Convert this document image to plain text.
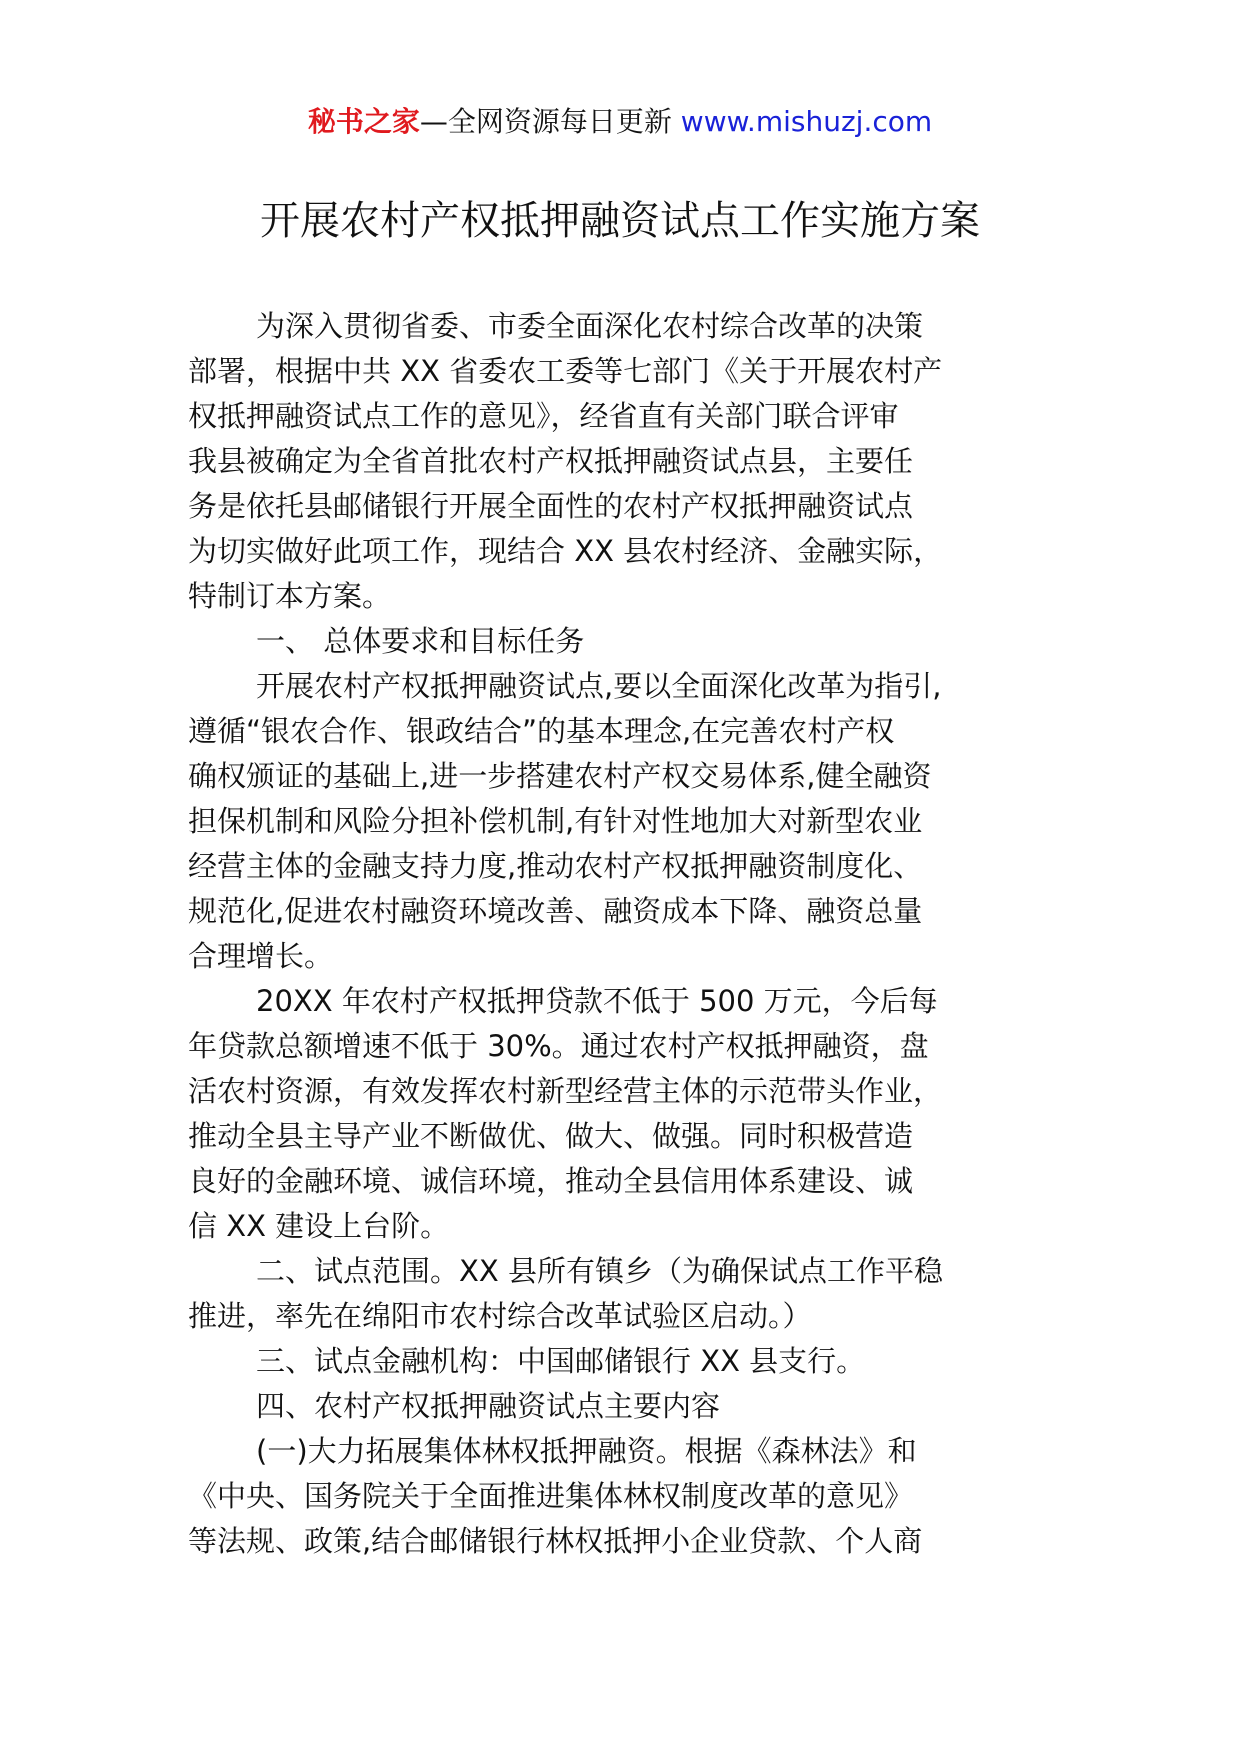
秘书之家—全网资源每日更新 www.mishuzj.com
开展农村产权抵押融资试点工作实施方案
为深入贯彻省委、市委全面深化农村综合改革的决策
部署，根据中共 XX 省委农工委等七部门《关于开展农村产
权抵押融资试点工作的意见》，经省直有关部门联合评审
我县被确定为全省首批农村产权抵押融资试点县，主要任
务是依托县邮储银行开展全面性的农村产权抵押融资试点
为切实做好此项工作，现结合 XX 县农村经济、金融实际，
特制订本方案。
一、 总体要求和目标任务
开展农村产权抵押融资试点,要以全面深化改革为指引,
遵循“银农合作、银政结合”的基本理念,在完善农村产权
确权颁证的基础上,进一步搭建农村产权交易体系,健全融资
担保机制和风险分担补偿机制,有针对性地加大对新型农业
经营主体的金融支持力度,推动农村产权抵押融资制度化、
规范化,促进农村融资环境改善、融资成本下降、融资总量
合理增长。
20XX 年农村产权抵押贷款不低于 500 万元，今后每
年贷款总额增速不低于 30%。通过农村产权抵押融资，盘
活农村资源，有效发挥农村新型经营主体的示范带头作业，
推动全县主导产业不断做优、做大、做强。同时积极营造
良好的金融环境、诚信环境，推动全县信用体系建设、诚
信 XX 建设上台阶。
二、试点范围。XX 县所有镇乡（为确保试点工作平稳
推进，率先在绵阳市农村综合改革试验区启动。）
三、试点金融机构：中国邮储银行 XX 县支行。
四、农村产权抵押融资试点主要内容
(一)大力拓展集体林权抵押融资。根据《森林法》和
《中央、国务院关于全面推进集体林权制度改革的意见》
等法规、政策,结合邮储银行林权抵押小企业贷款、个人商
